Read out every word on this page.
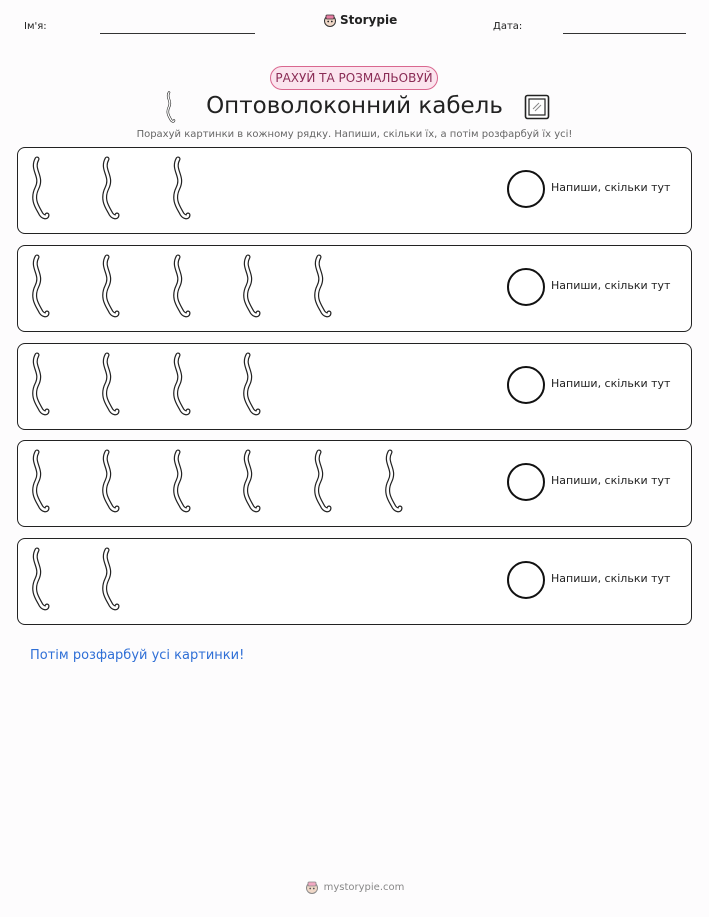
Ім'я:	Storypie	Дата:
РАХУЙ ТА РОЗМАЛЬОВУЙ
Оптоволоконний кабель
Порахуй картинки в кожному рядку. Напиши, скільки їх, а потім розфарбуй їх усі!
Напиши, скільки тут
Напиши, скільки тут
Напиши, скільки тут
Напиши, скільки тут
Напиши, скільки тут
Потім розфарбуй усі картинки!
mystorypie.com
